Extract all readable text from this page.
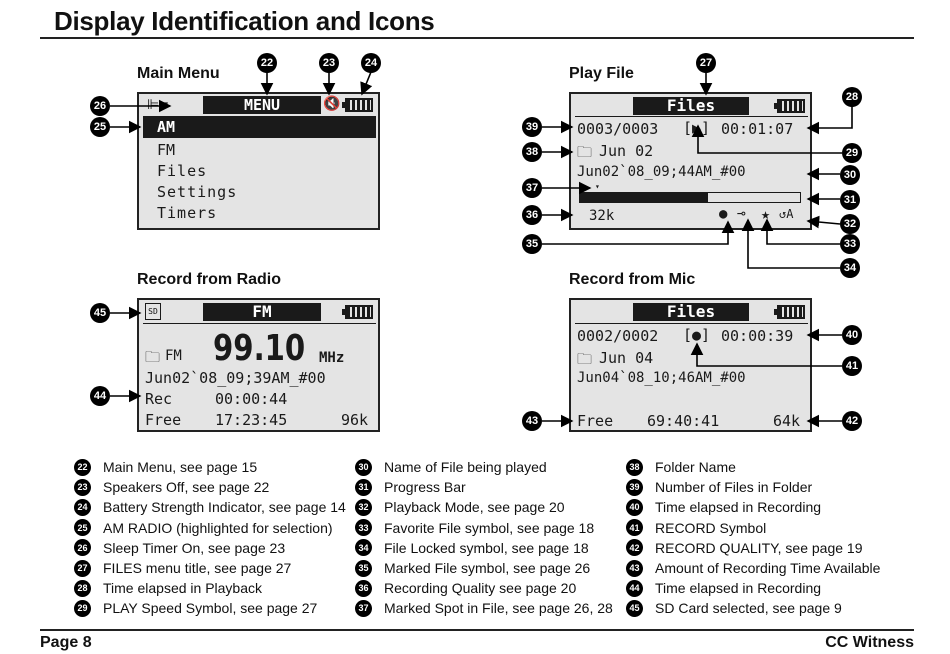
Display Identification and Icons
Main Menu	Play File
Record from Radio	Record from Mic
⊫═	MENU	🔇
AM
FM
Files
Settings
Timers
Files
0003/0003 [▶] 00:01:07
🗀 Jun 02
Jun02`08_09;44AM_#00
▾
32k	● ⊸ ★ ↺A
SD	FM
🗀 FM 99.10 MHz
Jun02`08_09;39AM_#00
Rec	00:00:44
Free 17:23:45	96k
Files
0002/0002 [●] 00:00:39
🗀 Jun 04
Jun04`08_10;46AM_#00
Free 69:40:41	64k
22	23	24
25
26
27
28
29
30
31
32
33
34
35
36
37
38
39
40
41
42
43
44
45
22 Main Menu, see page 15
23 Speakers Off, see page 22
24 Battery Strength Indicator, see page 14
25 AM RADIO (highlighted for selection)
26 Sleep Timer On, see page 23
27 FILES menu title, see page 27
28 Time elapsed in Playback
29 PLAY Speed Symbol, see page 27
30 Name of File being played
31 Progress Bar
32 Playback Mode, see page 20
33 Favorite File symbol, see page 18
34 File Locked symbol, see page 18
35 Marked File symbol, see page 26
36 Recording Quality see page 20
37 Marked Spot in File, see page 26, 28
38 Folder Name
39 Number of Files in Folder
40 Time elapsed in Recording
41 RECORD Symbol
42 RECORD QUALITY, see page 19
43 Amount of Recording Time Available
44 Time elapsed in Recording
45 SD Card selected, see page 9
Page 8	CC Witness
